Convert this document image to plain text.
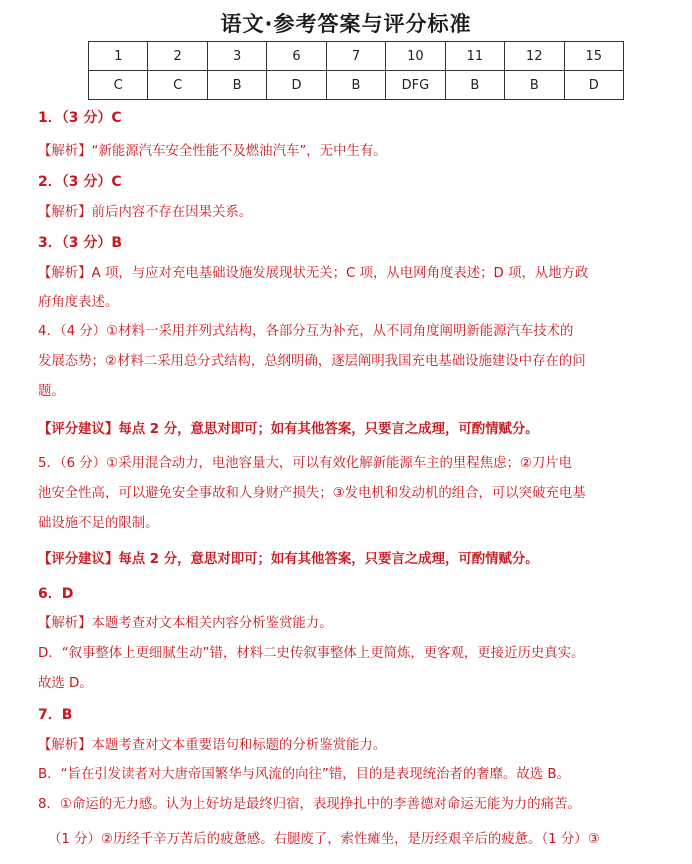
语文·参考答案与评分标准
1	2	3	6	7	10	11	12	15
C	C	B	D	B	DFG	B	B	D
1．（3 分）C
【解析】“新能源汽车安全性能不及燃油汽车”，无中生有。
2．（3 分）C
【解析】前后内容不存在因果关系。
3．（3 分）B
【解析】A 项，与应对充电基础设施发展现状无关；C 项，从电网角度表述；D 项，从地方政
府角度表述。
4．（4 分）①材料一采用并列式结构，各部分互为补充，从不同角度阐明新能源汽车技术的
发展态势；②材料二采用总分式结构，总纲明确，逐层阐明我国充电基础设施建设中存在的问
题。
【评分建议】每点 2 分，意思对即可；如有其他答案，只要言之成理，可酌情赋分。
5．（6 分）①采用混合动力，电池容量大，可以有效化解新能源车主的里程焦虑；②刀片电
池安全性高，可以避免安全事故和人身财产损失；③发电机和发动机的组合，可以突破充电基
础设施不足的限制。
【评分建议】每点 2 分，意思对即可；如有其他答案，只要言之成理，可酌情赋分。
6．D
【解析】本题考查对文本相关内容分析鉴赏能力。
D．“叙事整体上更细腻生动”错，材料二史传叙事整体上更简炼，更客观，更接近历史真实。
故选 D。
7．B
【解析】本题考查对文本重要语句和标题的分析鉴赏能力。
B．“旨在引发读者对大唐帝国繁华与风流的向往”错，目的是表现统治者的奢靡。故选 B。
8．①命运的无力感。认为上好坊是最终归宿，表现挣扎中的李善德对命运无能为力的痛苦。
（1 分）②历经千辛万苦后的疲惫感。右腿废了，索性瘫坐，是历经艰辛后的疲惫。（1 分）③
